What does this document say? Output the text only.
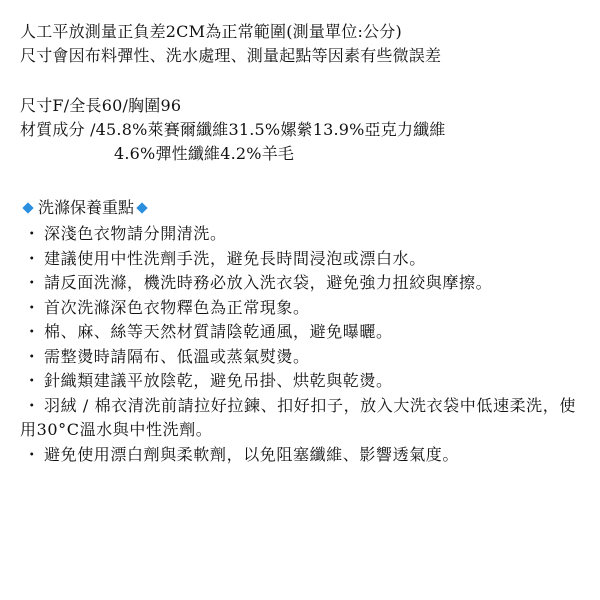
人工平放測量正負差2CM為正常範圍(測量單位:公分)
尺寸會因布料彈性、洗水處理、測量起點等因素有些微誤差
尺寸F/全長60/胸圍96
材質成分 /45.8%萊賽爾纖維31.5%嫘縈13.9%亞克力纖維
4.6%彈性纖維4.2%羊毛
洗滌保養重點

・ 深淺色衣物請分開清洗。

・ 建議使用中性洗劑手洗，避免長時間浸泡或漂白水。

・ 請反面洗滌，機洗時務必放入洗衣袋，避免強力扭絞與摩擦。

・ 首次洗滌深色衣物釋色為正常現象。

・ 棉、麻、絲等天然材質請陰乾通風，避免曝曬。

・ 需整燙時請隔布、低溫或蒸氣熨燙。

・ 針織類建議平放陰乾，避免吊掛、烘乾與乾燙。

・ 羽絨 / 棉衣清洗前請拉好拉鍊、扣好扣子，放入大洗衣袋中低速柔洗，使用30°C溫水與中性洗劑。

・ 避免使用漂白劑與柔軟劑，以免阻塞纖維、影響透氣度。
